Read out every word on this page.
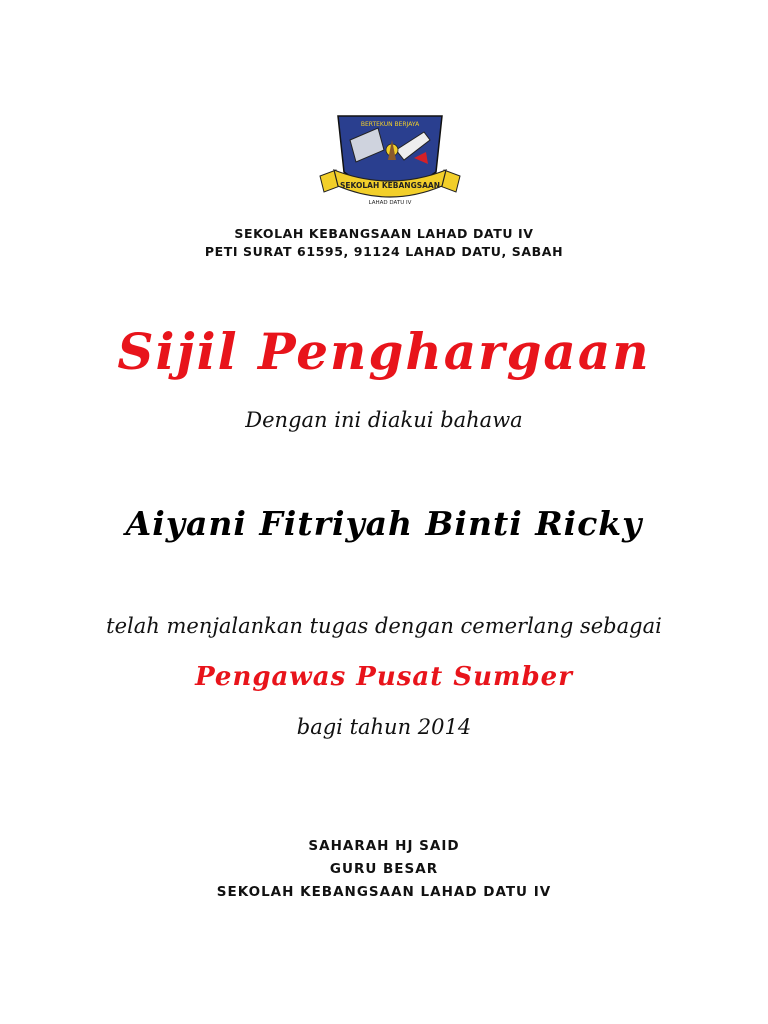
BERTEKUN BERJAYA
SEKOLAH KEBANGSAAN
LAHAD DATU IV
SEKOLAH KEBANGSAAN LAHAD DATU IV
PETI SURAT 61595, 91124 LAHAD DATU, SABAH
Sijil Penghargaan
Dengan ini diakui bahawa
Aiyani Fitriyah Binti Ricky
telah menjalankan tugas dengan cemerlang sebagai
Pengawas Pusat Sumber
bagi tahun 2014
SAHARAH HJ SAID
GURU BESAR
SEKOLAH KEBANGSAAN LAHAD DATU IV
